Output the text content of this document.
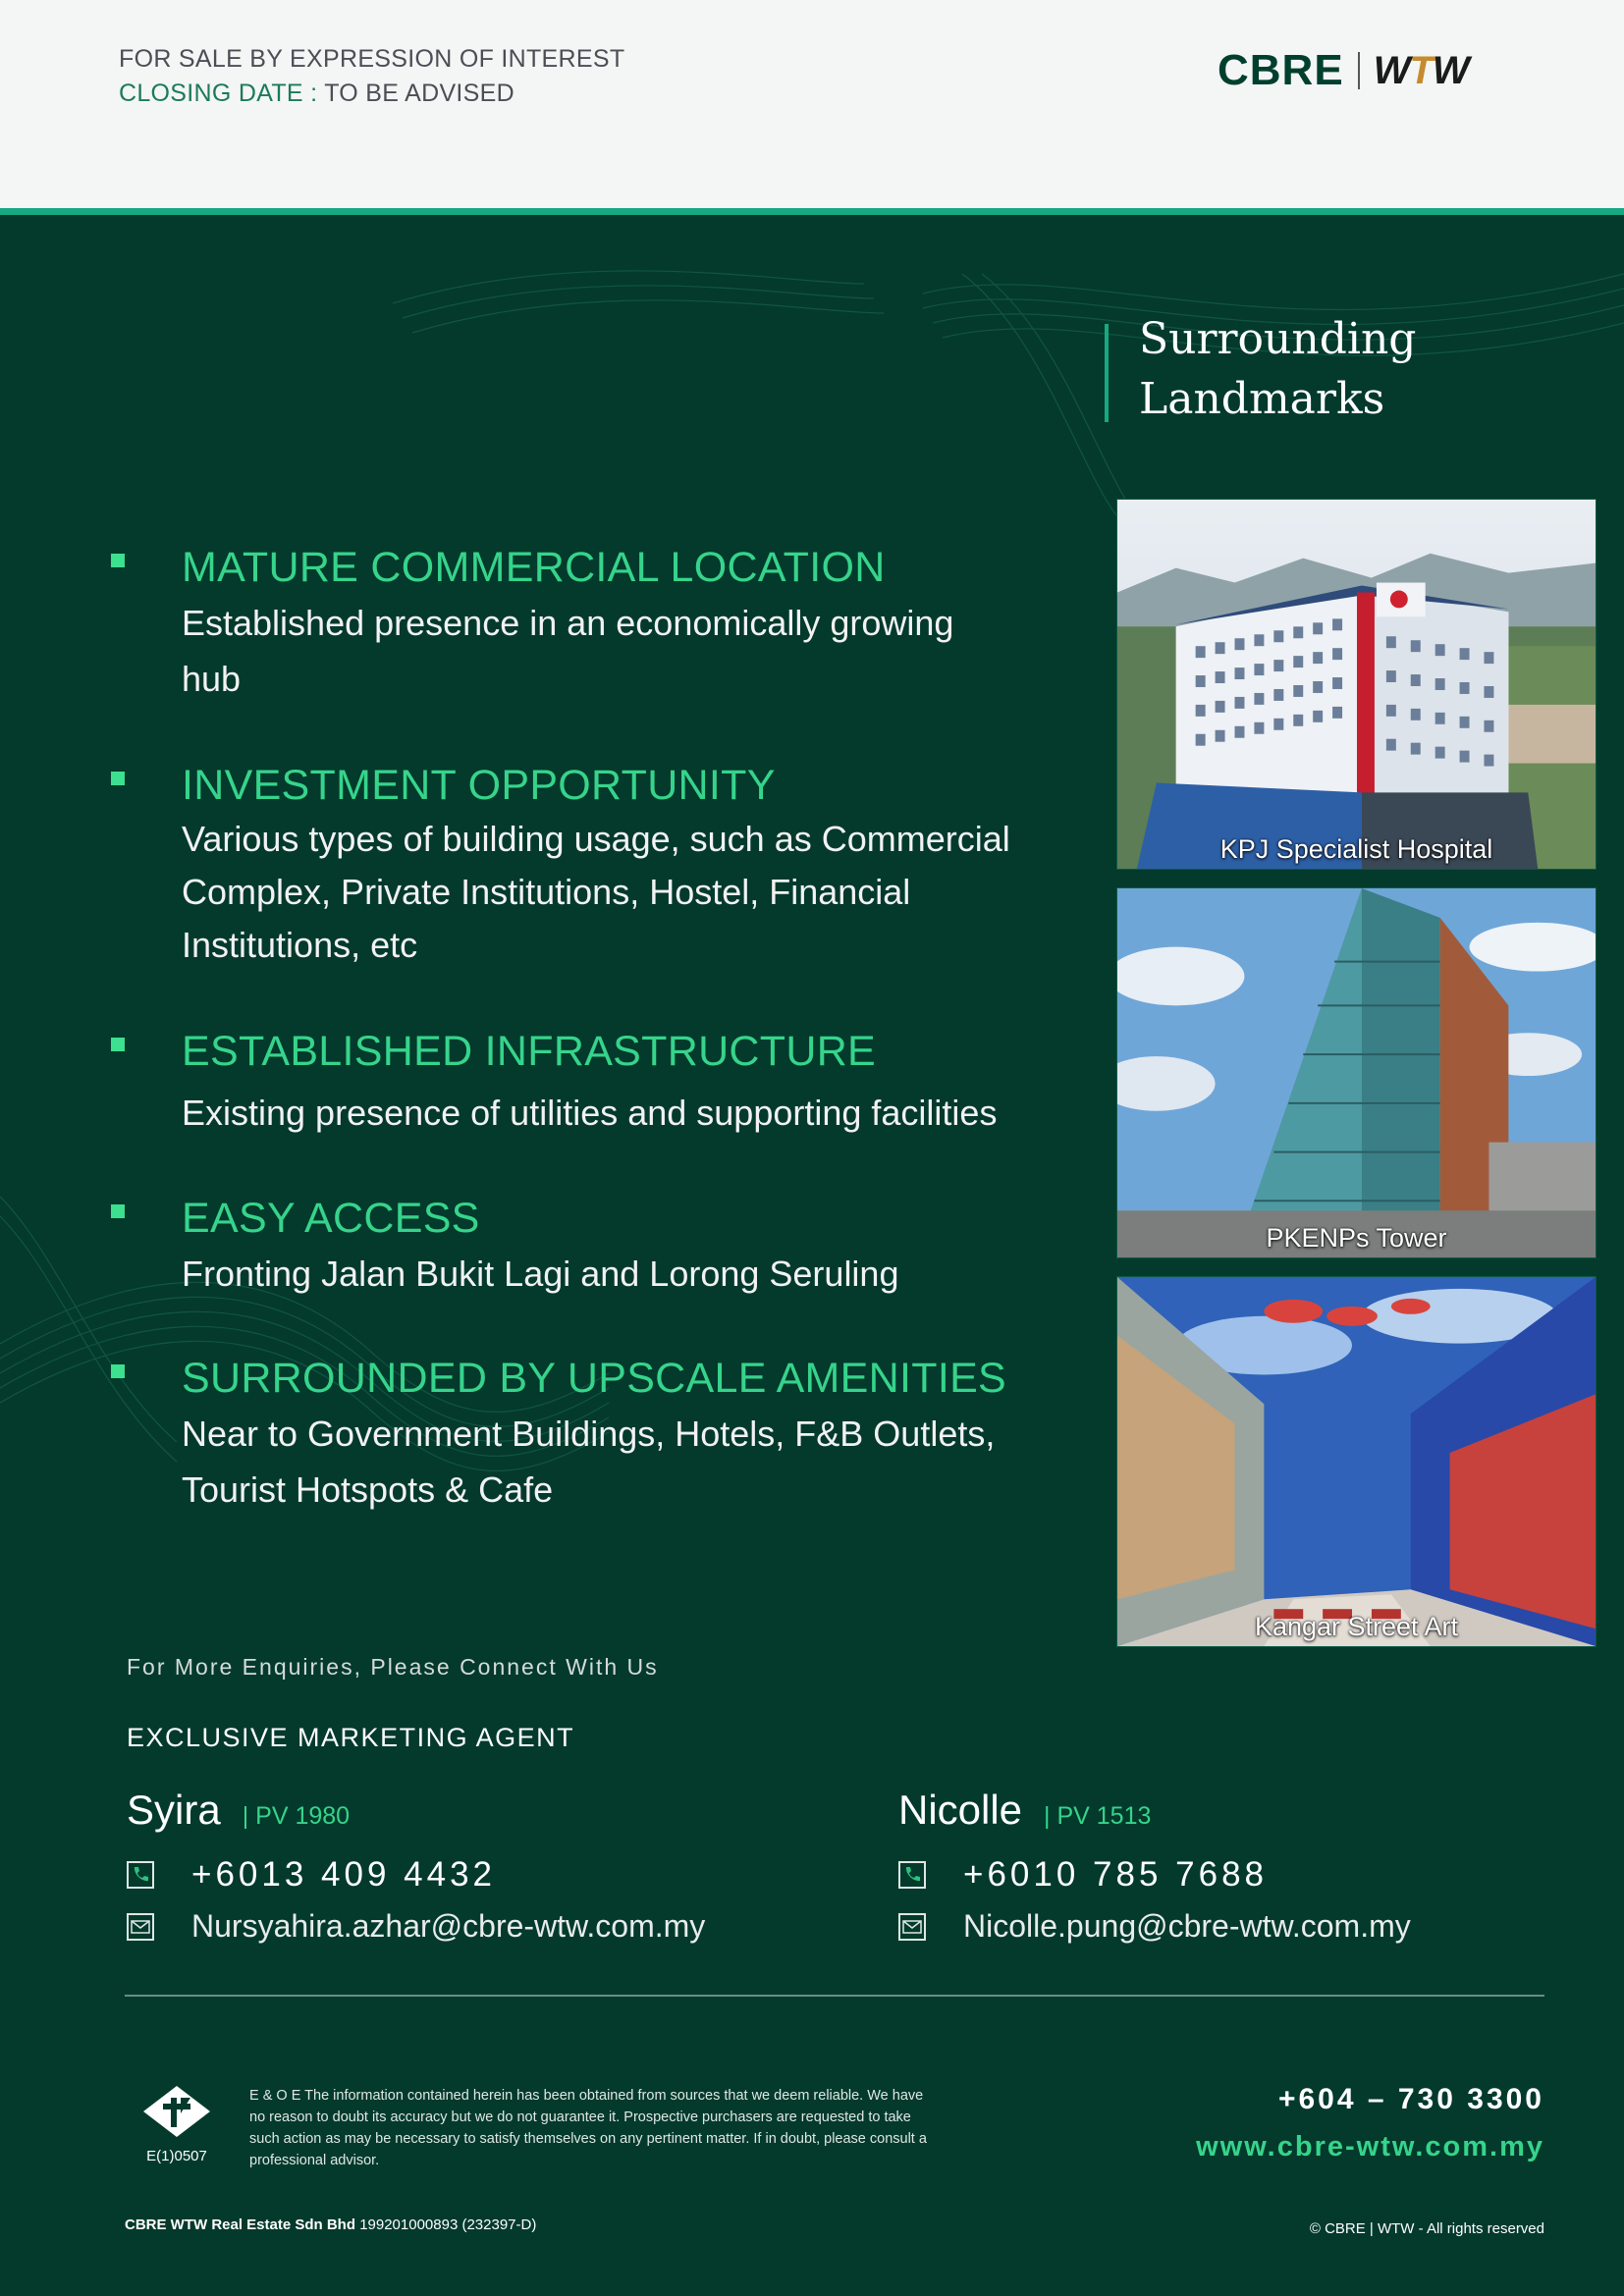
FOR SALE BY EXPRESSION OF INTEREST
CLOSING DATE : TO BE ADVISED	CBRE WTW
Surrounding
Landmarks
MATURE COMMERCIAL LOCATION
Established presence in an economically growing
hub
INVESTMENT OPPORTUNITY
Various types of building usage, such as Commercial
Complex, Private Institutions, Hostel, Financial
Institutions, etc
ESTABLISHED INFRASTRUCTURE
Existing presence of utilities and supporting facilities
EASY ACCESS
Fronting Jalan Bukit Lagi and Lorong Seruling
SURROUNDED BY UPSCALE AMENITIES
Near to Government Buildings, Hotels, F&B Outlets,
Tourist Hotspots & Cafe
KPJ Specialist Hospital
PKENPs Tower
Kangar Street Art
For More Enquiries, Please Connect With Us
EXCLUSIVE MARKETING AGENT
Syira | PV 1980
+6013 409 4432
Nursyahira.azhar@cbre-wtw.com.my
Nicolle | PV 1513
+6010 785 7688
Nicolle.pung@cbre-wtw.com.my
E(1)0507
E & O E The information contained herein has been obtained from sources that we deem reliable. We have
no reason to doubt its accuracy but we do not guarantee it. Prospective purchasers are requested to take
such action as may be necessary to satisfy themselves on any pertinent matter. If in doubt, please consult a
professional advisor.
+604 – 730 3300
www.cbre-wtw.com.my
CBRE WTW Real Estate Sdn Bhd 199201000893 (232397-D)	© CBRE | WTW - All rights reserved
